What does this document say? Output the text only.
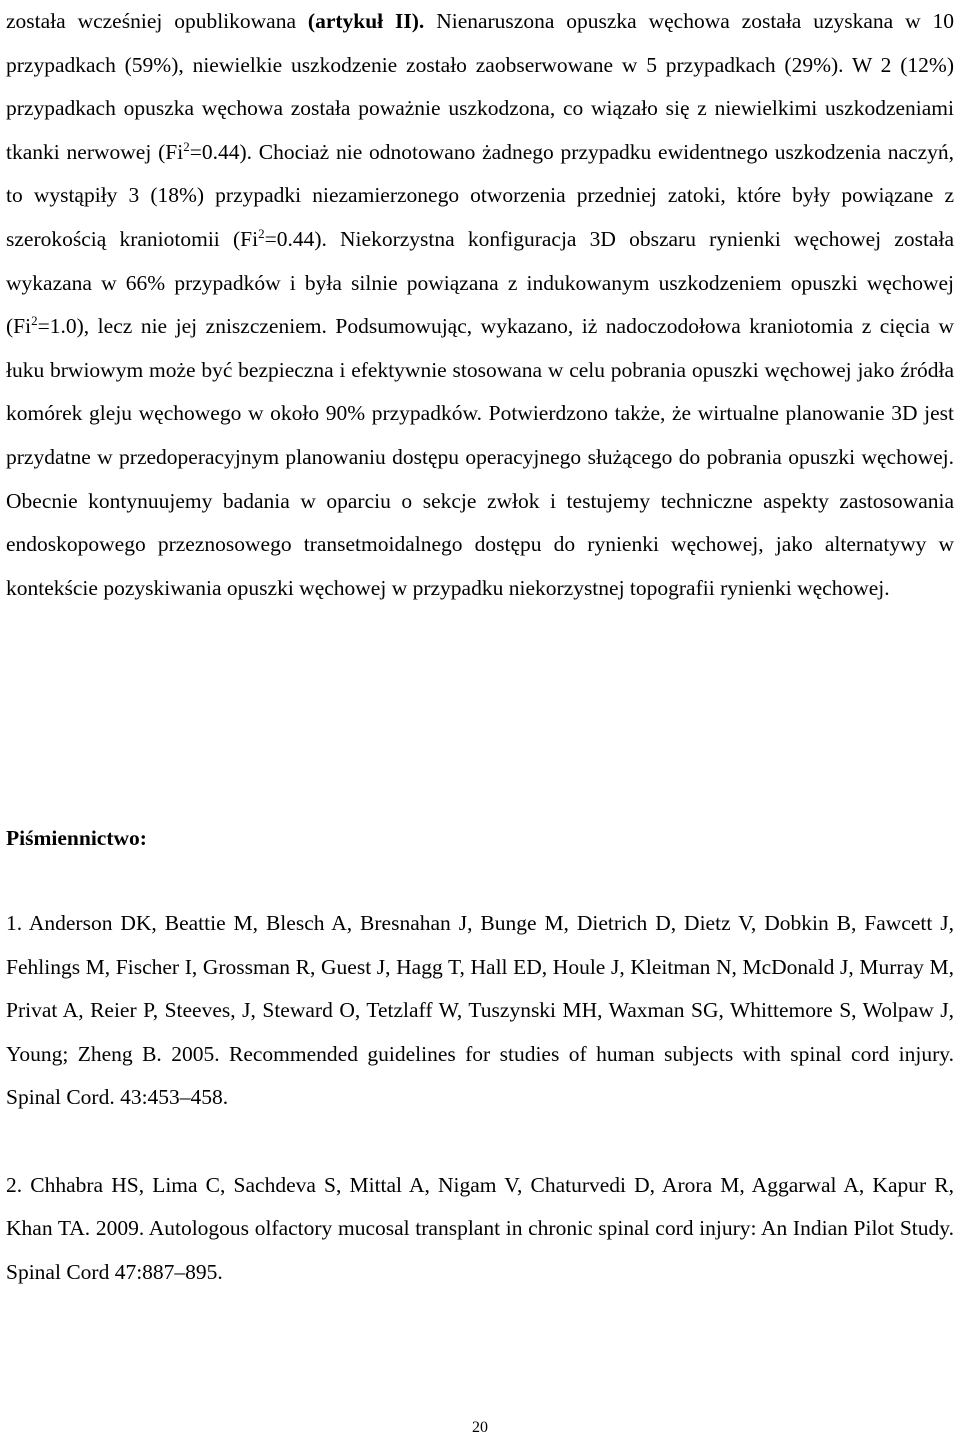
została wcześniej opublikowana (artykuł II). Nienaruszona opuszka węchowa została uzyskana w 10 przypadkach (59%), niewielkie uszkodzenie zostało zaobserwowane w 5 przypadkach (29%). W 2 (12%) przypadkach opuszka węchowa została poważnie uszkodzona, co wiązało się z niewielkimi uszkodzeniami tkanki nerwowej $(Fi^2=0.44)$. Chociaż nie odnotowano żadnego przypadku ewidentnego uszkodzenia naczyń, to wystąpiły 3 (18%) przypadki niezamierzonego otworzenia przedniej zatoki, które były powiązane z szerokością kraniotomii $(Fi^2=0.44)$. Niekorzystna konfiguracja 3D obszaru rynienki węchowej została wykazana w 66% przypadków i była silnie powiązana z indukowanym uszkodzeniem opuszki węchowej $(Fi^2=1.0)$, lecz nie jej zniszczeniem. Podsumowując, wykazano, iż nadoczodołowa kraniotomia z cięcia w łuku brwiowym może być bezpieczna i efektywnie stosowana w celu pobrania opuszki węchowej jako źródła komórek gleju węchowego w około 90% przypadków. Potwierdzono także, że wirtualne planowanie 3D jest przydatne w przedoperacyjnym planowaniu dostępu operacyjnego służącego do pobrania opuszki węchowej. Obecnie kontynuujemy badania w oparciu o sekcje zwłok i testujemy techniczne aspekty zastosowania endoskopowego przeznosowego transetmoidalnego dostępu do rynienki węchowej, jako alternatywy w kontekście pozyskiwania opuszki węchowej w przypadku niekorzystnej topografii rynienki węchowej.

Piśmiennictwo:

1. Anderson DK, Beattie M, Blesch A, Bresnahan J, Bunge M, Dietrich D, Dietz V, Dobkin B, Fawcett J, Fehlings M, Fischer I, Grossman R, Guest J, Hagg T, Hall ED, Houle J, Kleitman N, McDonald J, Murray M, Privat A, Reier P, Steeves, J, Steward O, Tetzlaff W, Tuszynski MH, Waxman SG, Whittemore S, Wolpaw J, Young; Zheng B. 2005. Recommended guidelines for studies of human subjects with spinal cord injury. Spinal Cord. 43:453–458.

2. Chhabra HS, Lima C, Sachdeva S, Mittal A, Nigam V, Chaturvedi D, Arora M, Aggarwal A, Kapur R, Khan TA. 2009. Autologous olfactory mucosal transplant in chronic spinal cord injury: An Indian Pilot Study. Spinal Cord 47:887–895.

20
